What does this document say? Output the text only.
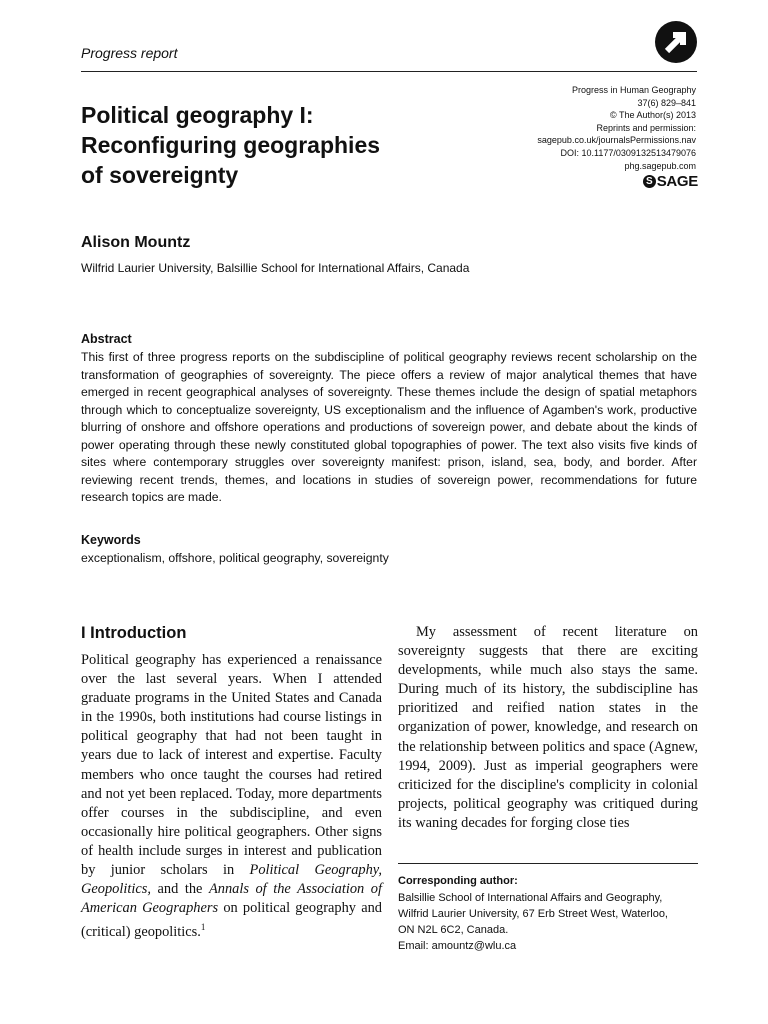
Progress report
Political geography I:
Reconfiguring geographies
of sovereignty
Progress in Human Geography
37(6) 829–841
© The Author(s) 2013
Reprints and permission:
sagepub.co.uk/journalsPermissions.nav
DOI: 10.1177/0309132513479076
phg.sagepub.com
S SAGE
Alison Mountz
Wilfrid Laurier University, Balsillie School for International Affairs, Canada
Abstract
This first of three progress reports on the subdiscipline of political geography reviews recent scholarship on the transformation of geographies of sovereignty. The piece offers a review of major analytical themes that have emerged in recent geographical analyses of sovereignty. These themes include the design of spatial metaphors through which to conceptualize sovereignty, US exceptionalism and the influence of Agamben's work, productive blurring of onshore and offshore operations and productions of sovereign power, and debate about the kinds of power operating through these newly constituted global topographies of power. The text also visits five kinds of sites where contemporary struggles over sovereignty manifest: prison, island, sea, body, and border. After reviewing recent trends, themes, and locations in studies of sovereign power, recommendations for future research topics are made.
Keywords
exceptionalism, offshore, political geography, sovereignty
I Introduction

Political geography has experienced a renaissance over the last several years. When I attended graduate programs in the United States and Canada in the 1990s, both institutions had course listings in political geography that had not been taught in years due to lack of interest and expertise. Faculty members who once taught the courses had retired and not yet been replaced. Today, more departments offer courses in the subdiscipline, and even occasionally hire political geographers. Other signs of health include surges in interest and publication by junior scholars in Political Geography, Geopolitics, and the Annals of the Association of American Geographers on political geography and (critical) geopolitics.$^1$

My assessment of recent literature on sovereignty suggests that there are exciting developments, while much also stays the same. During much of its history, the subdiscipline has prioritized and reified nation states in the organization of power, knowledge, and research on the relationship between politics and space (Agnew, 1994, 2009). Just as imperial geographers were criticized for the discipline's complicity in colonial projects, political geography was critiqued during its waning decades for forging close ties

Corresponding author:
Balsillie School of International Affairs and Geography,
Wilfrid Laurier University, 67 Erb Street West, Waterloo,
ON N2L 6C2, Canada.
Email: amountz@wlu.ca
